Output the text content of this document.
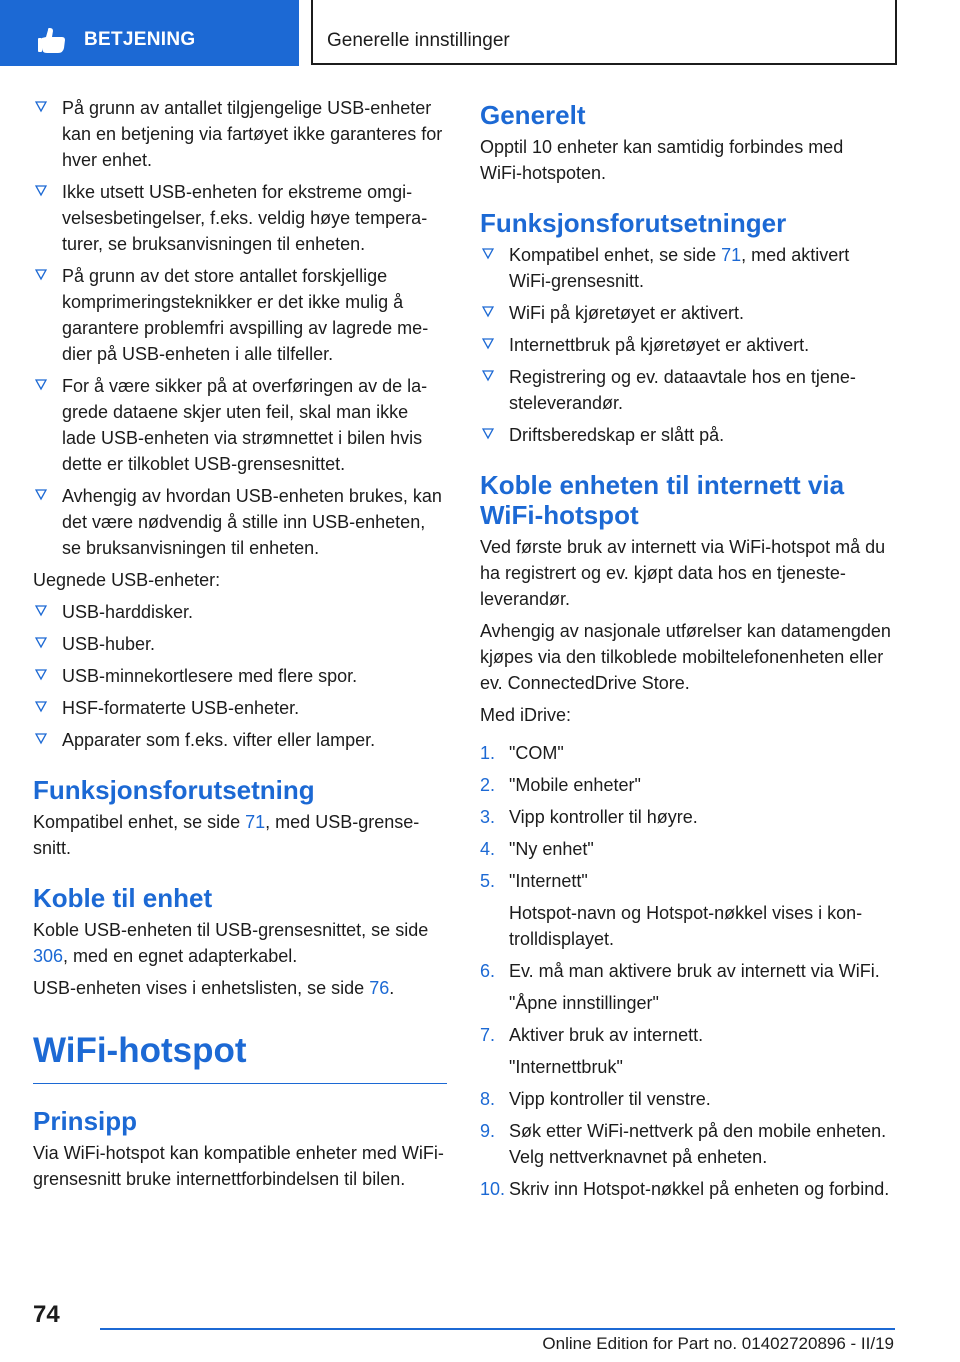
BETJENING	Generelle innstillinger
På grunn av antallet tilgjengelige USB-enheter kan en betjening via fartøyet ikke garanteres for hver enhet.
Ikke utsett USB-enheten for ekstreme omgivelsesbetingelser, f.eks. veldig høye temperaturer, se bruksanvisningen til enheten.
På grunn av det store antallet forskjellige komprimeringsteknikker er det ikke mulig å garantere problemfri avspilling av lagrede medier på USB-enheten i alle tilfeller.
For å være sikker på at overføringen av de lagrede dataene skjer uten feil, skal man ikke lade USB-enheten via strømnettet i bilen hvis dette er tilkoblet USB-grensesnittet.
Avhengig av hvordan USB-enheten brukes, kan det være nødvendig å stille inn USB-enheten, se bruksanvisningen til enheten.
Uegnede USB-enheter:
USB-harddisker.
USB-huber.
USB-minnekortlesere med flere spor.
HSF-formaterte USB-enheter.
Apparater som f.eks. vifter eller lamper.
Funksjonsforutsetning
Kompatibel enhet, se side 71, med USB-grensesnitt.
Koble til enhet
Koble USB-enheten til USB-grensesnittet, se side 306, med en egnet adapterkabel.
USB-enheten vises i enhetslisten, se side 76.
WiFi-hotspot
Prinsipp
Via WiFi-hotspot kan kompatible enheter med WiFi-grensesnitt bruke internettforbindelsen til bilen.
Generelt
Opptil 10 enheter kan samtidig forbindes med WiFi-hotspoten.
Funksjonsforutsetninger
Kompatibel enhet, se side 71, med aktivert WiFi-grensesnitt.
WiFi på kjøretøyet er aktivert.
Internettbruk på kjøretøyet er aktivert.
Registrering og ev. dataavtale hos en tjenesteleverandør.
Driftsberedskap er slått på.
Koble enheten til internett via WiFi-hotspot
Ved første bruk av internett via WiFi-hotspot må du ha registrert og ev. kjøpt data hos en tjenesteleverandør.
Avhengig av nasjonale utførelser kan datamengden kjøpes via den tilkoblede mobiltelefonenheten eller ev. ConnectedDrive Store.
Med iDrive:
1. "COM"
2. "Mobile enheter"
3. Vipp kontroller til høyre.
4. "Ny enhet"
5. "Internett"
Hotspot-navn og Hotspot-nøkkel vises i kontrolldisplayet.
6. Ev. må man aktivere bruk av internett via WiFi.
"Åpne innstillinger"
7. Aktiver bruk av internett.
"Internettbruk"
8. Vipp kontroller til venstre.
9. Søk etter WiFi-nettverk på den mobile enheten. Velg nettverknavnet på enheten.
10. Skriv inn Hotspot-nøkkel på enheten og forbind.
74
Online Edition for Part no. 01402720896 - II/19
